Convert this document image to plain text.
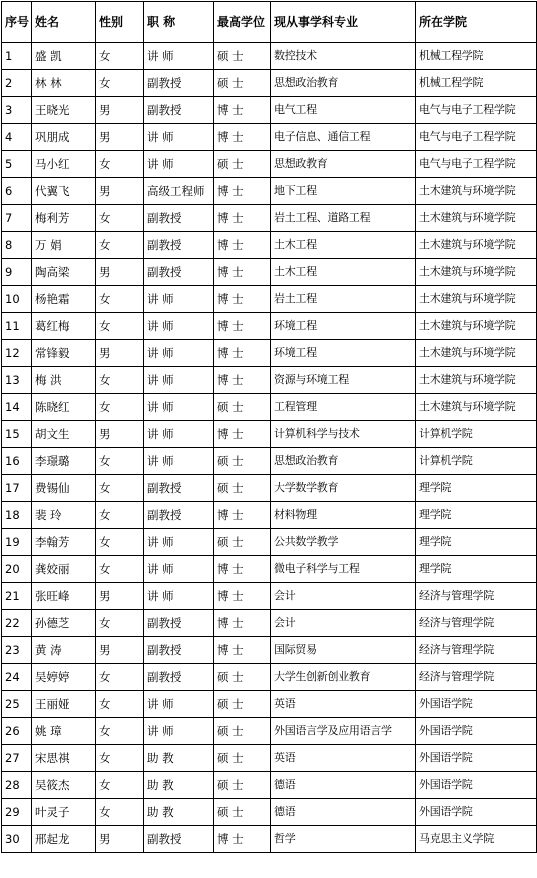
序号	姓名	性别	职 称	最高学位	现从事学科专业	所在学院
1	盛 凯	女	讲 师	硕 士	数控技术	机械工程学院
2	林 林	女	副教授	硕 士	思想政治教育	机械工程学院
3	王晓光	男	副教授	博 士	电气工程	电气与电子工程学院
4	巩朋成	男	讲 师	博 士	电子信息、通信工程	电气与电子工程学院
5	马小红	女	讲 师	硕 士	思想政教育	电气与电子工程学院
6	代翼飞	男	高级工程师	博 士	地下工程	土木建筑与环境学院
7	梅利芳	女	副教授	博 士	岩土工程、道路工程	土木建筑与环境学院
8	万 娟	女	副教授	博 士	土木工程	土木建筑与环境学院
9	陶高梁	男	副教授	博 士	土木工程	土木建筑与环境学院
10	杨艳霜	女	讲 师	博 士	岩土工程	土木建筑与环境学院
11	葛红梅	女	讲 师	博 士	环境工程	土木建筑与环境学院
12	常锋毅	男	讲 师	博 士	环境工程	土木建筑与环境学院
13	梅 洪	女	讲 师	博 士	资源与环境工程	土木建筑与环境学院
14	陈晓红	女	讲 师	硕 士	工程管理	土木建筑与环境学院
15	胡文生	男	讲 师	博 士	计算机科学与技术	计算机学院
16	李璟璐	女	讲 师	硕 士	思想政治教育	计算机学院
17	费锡仙	女	副教授	硕 士	大学数学教育	理学院
18	裴 玲	女	副教授	博 士	材料物理	理学院
19	李翰芳	女	讲 师	硕 士	公共数学教学	理学院
20	龚姣丽	女	讲 师	博 士	微电子科学与工程	理学院
21	张旺峰	男	讲 师	博 士	会计	经济与管理学院
22	孙德芝	女	副教授	博 士	会计	经济与管理学院
23	黄 涛	男	副教授	博 士	国际贸易	经济与管理学院
24	吴婷婷	女	副教授	硕 士	大学生创新创业教育	经济与管理学院
25	王丽娅	女	讲 师	硕 士	英语	外国语学院
26	姚 璋	女	讲 师	硕 士	外国语言学及应用语言学	外国语学院
27	宋思祺	女	助 教	硕 士	英语	外国语学院
28	吴筱杰	女	助 教	硕 士	德语	外国语学院
29	叶灵子	女	助 教	硕 士	德语	外国语学院
30	邢起龙	男	副教授	博 士	哲学	马克思主义学院
